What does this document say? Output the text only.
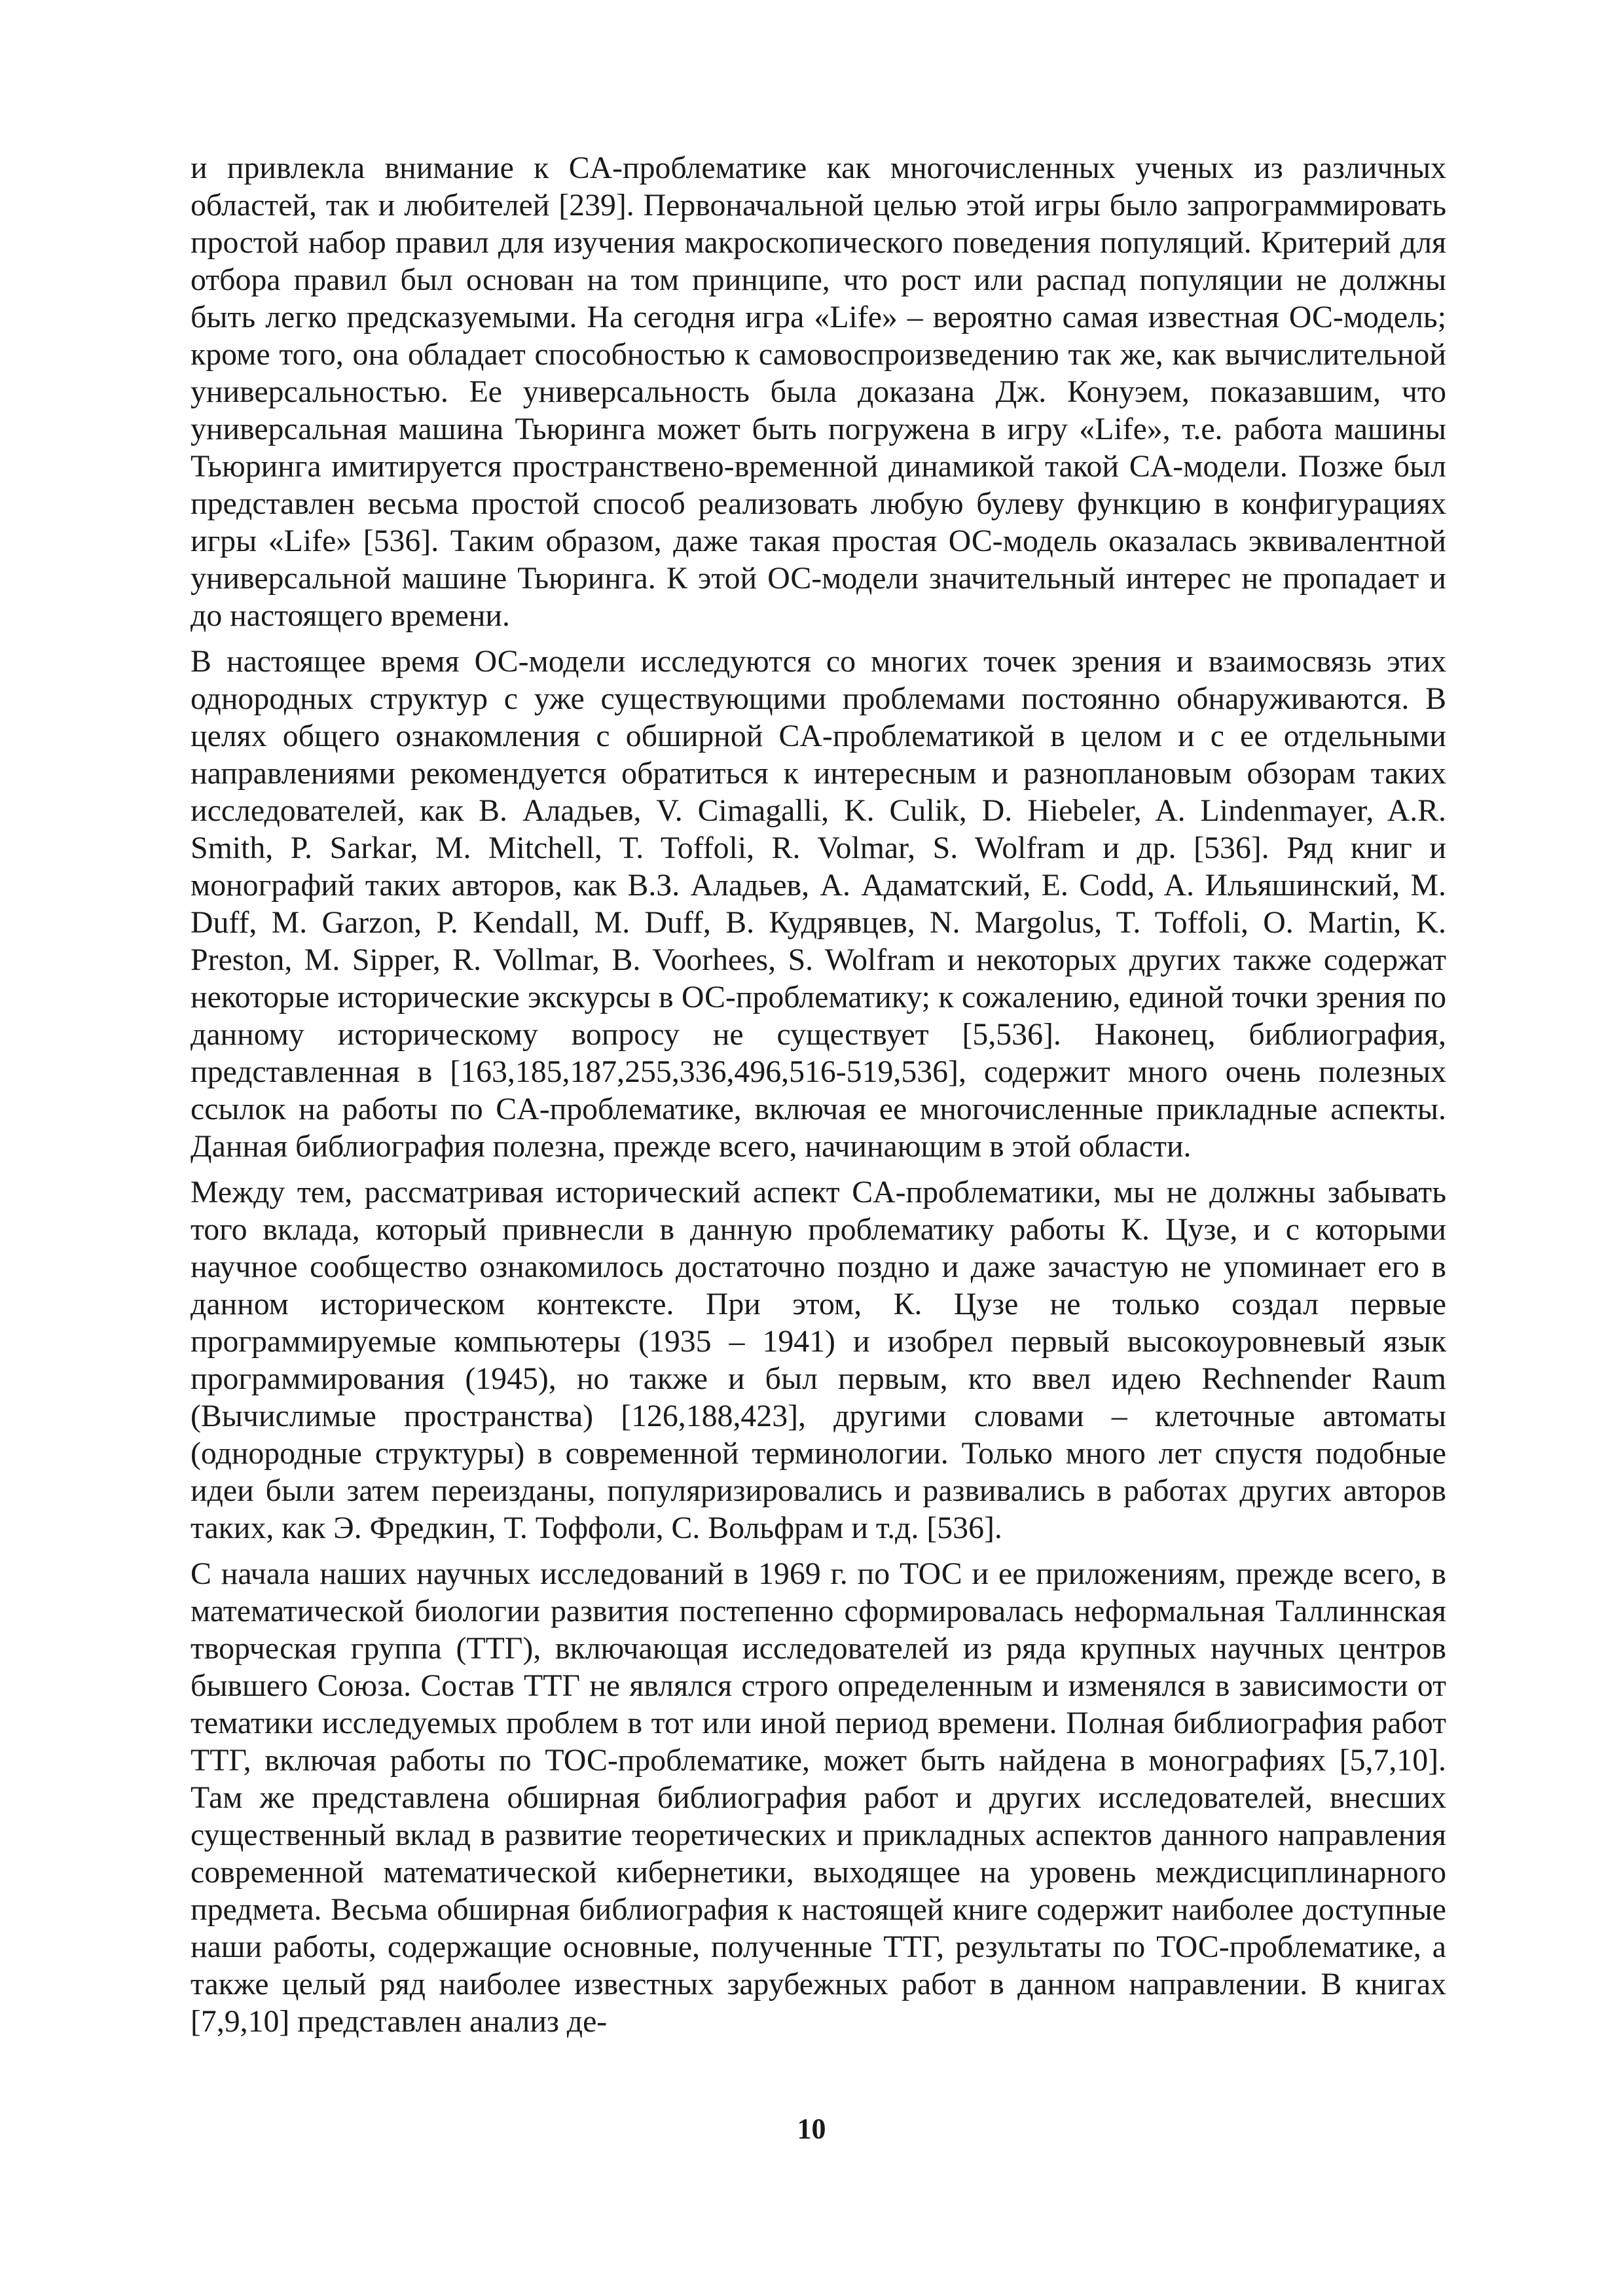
и привлекла внимание к CA-проблематике как многочисленных ученых из различных областей, так и любителей [239]. Первоначальной целью этой игры было запрограммировать простой набор правил для изучения макроскопического поведения популяций. Критерий для отбора правил был основан на том принципе, что рост или распад популяции не должны быть легко предсказуемыми. На сегодня игра «Life» – вероятно самая известная ОС-модель; кроме того, она обладает способностью к самовоспроизведению так же, как вычислительной универсальностью. Ее универсальность была доказана Дж. Конуэем, показавшим, что универсальная машина Тьюринга может быть погружена в игру «Life», т.е. работа машины Тьюринга имитируется пространствено-временной динамикой такой CA-модели. Позже был представлен весьма простой способ реализовать любую булеву функцию в конфигурациях игры «Life» [536]. Таким образом, даже такая простая ОС-модель оказалась эквивалентной универсальной машине Тьюринга. К этой ОС-модели значительный интерес не пропадает и до настоящего времени.

В настоящее время ОС-модели исследуются со многих точек зрения и взаимосвязь этих однородных структур с уже существующими проблемами постоянно обнаруживаются. В целях общего ознакомления с обширной CA-проблематикой в целом и с ее отдельными направлениями рекомендуется обратиться к интересным и разноплановым обзорам таких исследователей, как В. Аладьев, V. Cimagalli, K. Culik, D. Hiebeler, A. Lindenmayer, A.R. Smith, P. Sarkar, M. Mitchell, T. Toffoli, R. Volmar, S. Wolfram и др. [536]. Ряд книг и монографий таких авторов, как В.З. Аладьев, А. Адаматский, E. Codd, A. Ильяшинский, M. Duff, M. Garzon, P. Kendall, M. Duff, B. Кудрявцев, N. Margolus, T. Toffoli, O. Martin, K. Preston, M. Sipper, R. Vollmar, B. Voorhees, S. Wolfram и некоторых других также содержат некоторые исторические экскурсы в ОС-проблематику; к сожалению, единой точки зрения по данному историческому вопросу не существует [5,536]. Наконец, библиография, представленная в [163,185,187,255,336,496,516-519,536], содержит много очень полезных ссылок на работы по CA-проблематике, включая ее многочисленные прикладные аспекты. Данная библиография полезна, прежде всего, начинающим в этой области.

Между тем, рассматривая исторический аспект CA-проблематики, мы не должны забывать того вклада, который привнесли в данную проблематику работы К. Цузе, и с которыми научное сообщество ознакомилось достаточно поздно и даже зачастую не упоминает его в данном историческом контексте. При этом, К. Цузе не только создал первые программируемые компьютеры (1935 – 1941) и изобрел первый высокоуровневый язык программирования (1945), но также и был первым, кто ввел идею Rechnender Raum (Вычислимые пространства) [126,188,423], другими словами – клеточные автоматы (однородные структуры) в современной терминологии. Только много лет спустя подобные идеи были затем переизданы, популяризировались и развивались в работах других авторов таких, как Э. Фредкин, Т. Тоффоли, С. Вольфрам и т.д. [536].

С начала наших научных исследований в 1969 г. по ТОС и ее приложениям, прежде всего, в математической биологии развития постепенно сформировалась неформальная Таллиннская творческая группа (ТТГ), включающая исследователей из ряда крупных научных центров бывшего Союза. Состав ТТГ не являлся строго определенным и изменялся в зависимости от тематики исследуемых проблем в тот или иной период времени. Полная библиография работ ТТГ, включая работы по ТОС-проблематике, может быть найдена в монографиях [5,7,10]. Там же представлена обширная библиография работ и других исследователей, внесших существенный вклад в развитие теоретических и прикладных аспектов данного направления современной математической кибернетики, выходящее на уровень междисциплинарного предмета. Весьма обширная библиография к настоящей книге содержит наиболее доступные наши работы, содержащие основные, полученные ТТГ, результаты по ТОС-проблематике, а также целый ряд наиболее известных зарубежных работ в данном направлении. В книгах [7,9,10] представлен анализ де-

10
